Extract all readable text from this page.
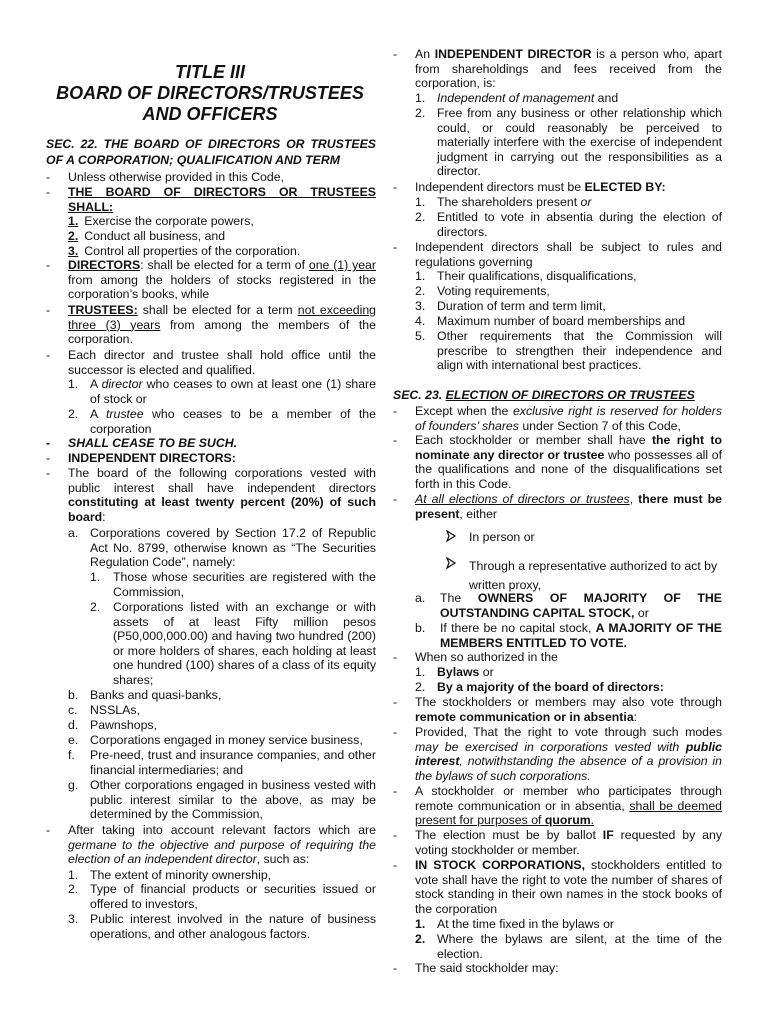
TITLE III
BOARD OF DIRECTORS/TRUSTEES
AND OFFICERS
SEC. 22. THE BOARD OF DIRECTORS OR TRUSTEES
OF A CORPORATION; QUALIFICATION AND TERM
-	Unless otherwise provided in this Code,
-	THE BOARD OF DIRECTORS OR TRUSTEES SHALL:
1. Exercise the corporate powers,
2. Conduct all business, and
3. Control all properties of the corporation.
-	DIRECTORS: shall be elected for a term of one (1) year from among the holders of stocks registered in the corporation’s books, while
-	TRUSTEES: shall be elected for a term not exceeding three (3) years from among the members of the corporation.
-	Each director and trustee shall hold office until the successor is elected and qualified.
1. A director who ceases to own at least one (1) share of stock or
2. A trustee who ceases to be a member of the corporation
-	SHALL CEASE TO BE SUCH.
-	INDEPENDENT DIRECTORS:
-	The board of the following corporations vested with public interest shall have independent directors constituting at least twenty percent (20%) of such board:
a. Corporations covered by Section 17.2 of Republic Act No. 8799, otherwise known as “The Securities Regulation Code”, namely:
1.	Those whose securities are registered with the Commission,
2.	Corporations listed with an exchange or with assets of at least Fifty million pesos (P50,000,000.00) and having two hundred (200) or more holders of shares, each holding at least one hundred (100) shares of a class of its equity shares;
b. Banks and quasi-banks,
c.	NSSLAs,
d. Pawnshops,
e. Corporations engaged in money service business,
f.	Pre-need, trust and insurance companies, and other financial intermediaries; and
g. Other corporations engaged in business vested with public interest similar to the above, as may be determined by the Commission,
-	After taking into account relevant factors which are germane to the objective and purpose of requiring the election of an independent director, such as:
1. The extent of minority ownership,
2. Type of financial products or securities issued or offered to investors,
3. Public interest involved in the nature of business operations, and other analogous factors.
-	An INDEPENDENT DIRECTOR is a person who, apart from shareholdings and fees received from the corporation, is:
1. Independent of management and
2. Free from any business or other relationship which could, or could reasonably be perceived to materially interfere with the exercise of independent judgment in carrying out the responsibilities as a director.
-	Independent directors must be ELECTED BY:
1. The shareholders present or
2. Entitled to vote in absentia during the election of directors.
-	Independent directors shall be subject to rules and regulations governing
1. Their qualifications, disqualifications,
2. Voting requirements,
3. Duration of term and term limit,
4. Maximum number of board memberships and
5. Other requirements that the Commission will prescribe to strengthen their independence and align with international best practices.
SEC. 23. ELECTION OF DIRECTORS OR TRUSTEES
-	Except when the exclusive right is reserved for holders of founders’ shares under Section 7 of this Code,
-	Each stockholder or member shall have the right to nominate any director or trustee who possesses all of the qualifications and none of the disqualifications set forth in this Code.
-	At all elections of directors or trustees, there must be present, either
In person or
Through a representative authorized to act by written proxy,
a.	The OWNERS OF MAJORITY OF THE OUTSTANDING CAPITAL STOCK, or
b.	If there be no capital stock, A MAJORITY OF THE MEMBERS ENTITLED TO VOTE.
-	When so authorized in the
1. Bylaws or
2. By a majority of the board of directors:
-	The stockholders or members may also vote through remote communication or in absentia:
-	Provided, That the right to vote through such modes may be exercised in corporations vested with public interest, notwithstanding the absence of a provision in the bylaws of such corporations.
-	A stockholder or member who participates through remote communication or in absentia, shall be deemed present for purposes of quorum.
-	The election must be by ballot IF requested by any voting stockholder or member.
-	IN STOCK CORPORATIONS, stockholders entitled to vote shall have the right to vote the number of shares of stock standing in their own names in the stock books of the corporation
1. At the time fixed in the bylaws or
2. Where the bylaws are silent, at the time of the election.
-	The said stockholder may:
